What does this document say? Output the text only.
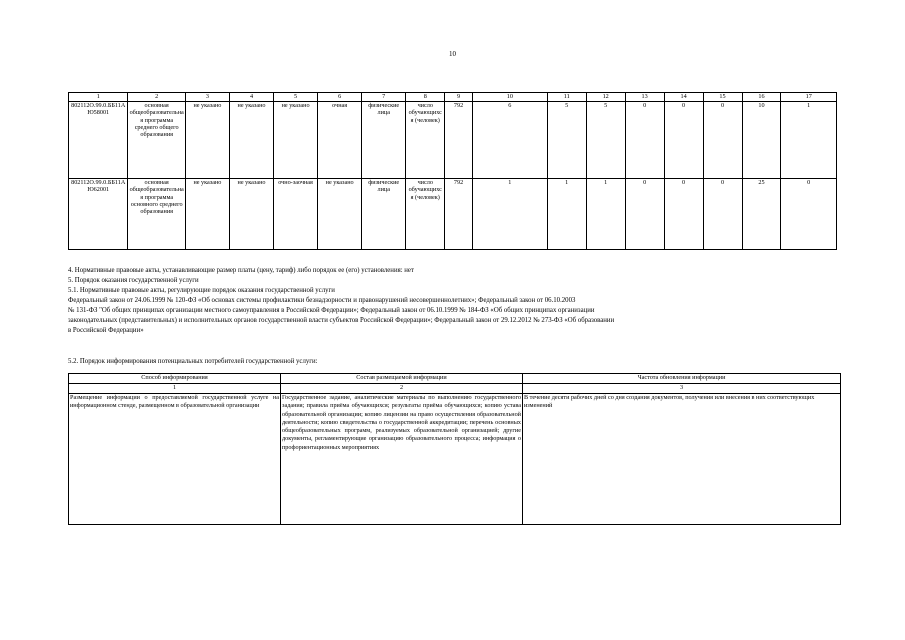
10
1	2	3	4	5	6	7	8	9	10	11	12	13	14	15	16	17
802112О.99.0.ББ11АЮ58001	основная общеобразовательная программа среднего общего образования	не указано	не указано	не указано	очная	физические лица	число обучающихся (человек)	792	6	5	5	0	0	0	10	1
802112О.99.0.ББ11АЮ62001	основная общеобразовательная программа основного среднего образования	не указано	не указано	очно-заочная	не указано	физические лица	число обучающихся (человек)	792	1	1	1	0	0	0	25	0
4. Нормативные правовые акты, устанавливающие размер платы (цену, тариф) либо порядок ее (его) установления: нет
5. Порядок оказания государственной услуги
5.1. Нормативные правовые акты, регулирующие порядок оказания государственной услуги
Федеральный закон от 24.06.1999 № 120-ФЗ «Об основах системы профилактики безнадзорности и правонарушений несовершеннолетних»; Федеральный закон от 06.10.2003
№ 131-ФЗ "Об общих принципах организации местного самоуправления в Российской Федерации»; Федеральный закон от 06.10.1999 № 184-ФЗ «Об общих принципах организации
законодательных (представительных) и исполнительных органов государственной власти субъектов Российской Федерации»; Федеральный закон от 29.12.2012 № 273-ФЗ «Об образовании
в Российской Федерации»
5.2. Порядок информирования потенциальных потребителей государственной услуги:
Способ информирования	Состав размещаемой информации	Частота обновления информации
1	2	3
Размещение информации о предоставляемой государственной услуге на информационном стенде, размещенном в образовательной организации	Государственное задание, аналитические материалы по выполнению государственного задания; правила приёма обучающихся; результаты приёма обучающихся; копию устава образовательной организации; копию лицензии на право осуществления образовательной деятельности; копию свидетельства о государственной аккредитации; перечень основных общеобразовательных программ, реализуемых образовательной организацией; другие документы, регламентирующие организацию образовательного процесса; информация о профориентационных мероприятиях	В течение десяти рабочих дней со дня создания документов, получения или внесения в них соответствующих изменений
